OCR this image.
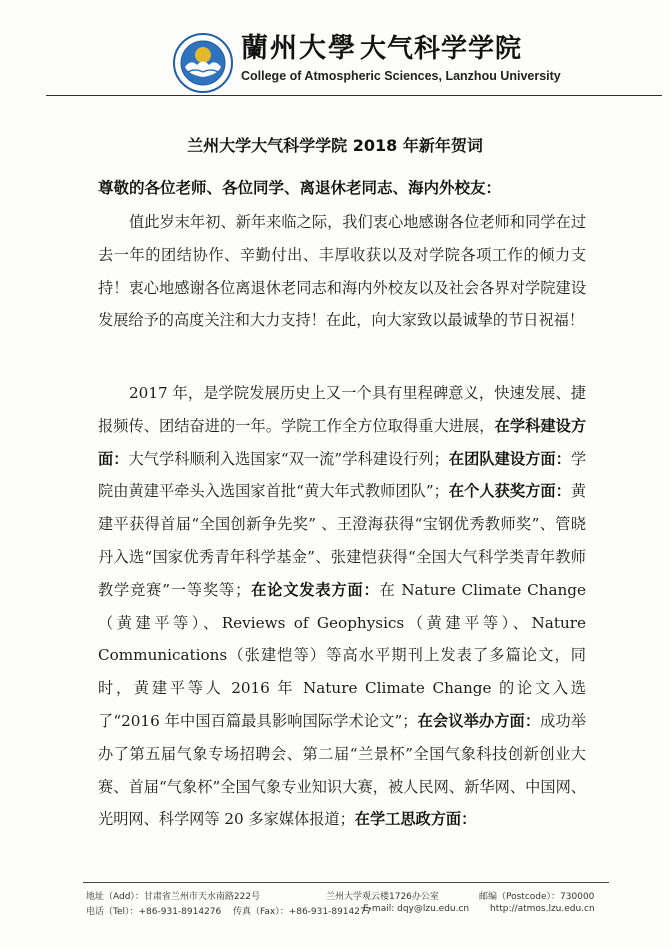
蘭州大學 大气科学学院
College of Atmospheric Sciences, Lanzhou University
兰州大学大气科学学院 2018 年新年贺词
尊敬的各位老师、各位同学、离退休老同志、海内外校友：
值此岁末年初、新年来临之际，我们衷心地感谢各位老师和同学在过去一年的团结协作、辛勤付出、丰厚收获以及对学院各项工作的倾力支持！衷心地感谢各位离退休老同志和海内外校友以及社会各界对学院建设发展给予的高度关注和大力支持！在此，向大家致以最诚挚的节日祝福！
2017 年，是学院发展历史上又一个具有里程碑意义，快速发展、捷报频传、团结奋进的一年。学院工作全方位取得重大进展，在学科建设方面：大气学科顺利入选国家“双一流”学科建设行列；在团队建设方面：学院由黄建平牵头入选国家首批“黄大年式教师团队”；在个人获奖方面：黄建平获得首届“全国创新争先奖” 、王澄海获得“宝钢优秀教师奖”、管晓丹入选“国家优秀青年科学基金”、张建恺获得“全国大气科学类青年教师教学竞赛”一等奖等；在论文发表方面：在 Nature Climate Change（黄建平等）、Reviews of Geophysics（黄建平等）、Nature Communications（张建恺等）等高水平期刊上发表了多篇论文，同时，黄建平等人 2016 年 Nature Climate Change 的论文入选了“2016 年中国百篇最具影响国际学术论文”；在会议举办方面：成功举办了第五届气象专场招聘会、第二届“兰景杯”全国气象科技创新创业大赛、首届“气象杯”全国气象专业知识大赛，被人民网、新华网、中国网、光明网、科学网等 20 多家媒体报道；在学工思政方面：
地址（Add）：甘肃省兰州市天水南路222号	兰州大学观云楼1726办公室	邮编（Postcode）：730000
电话（Tel）：+86-931-8914276 传真（Fax）：+86-931-8914277
E-mail: dqy@lzu.edu.cn http://atmos.lzu.edu.cn
